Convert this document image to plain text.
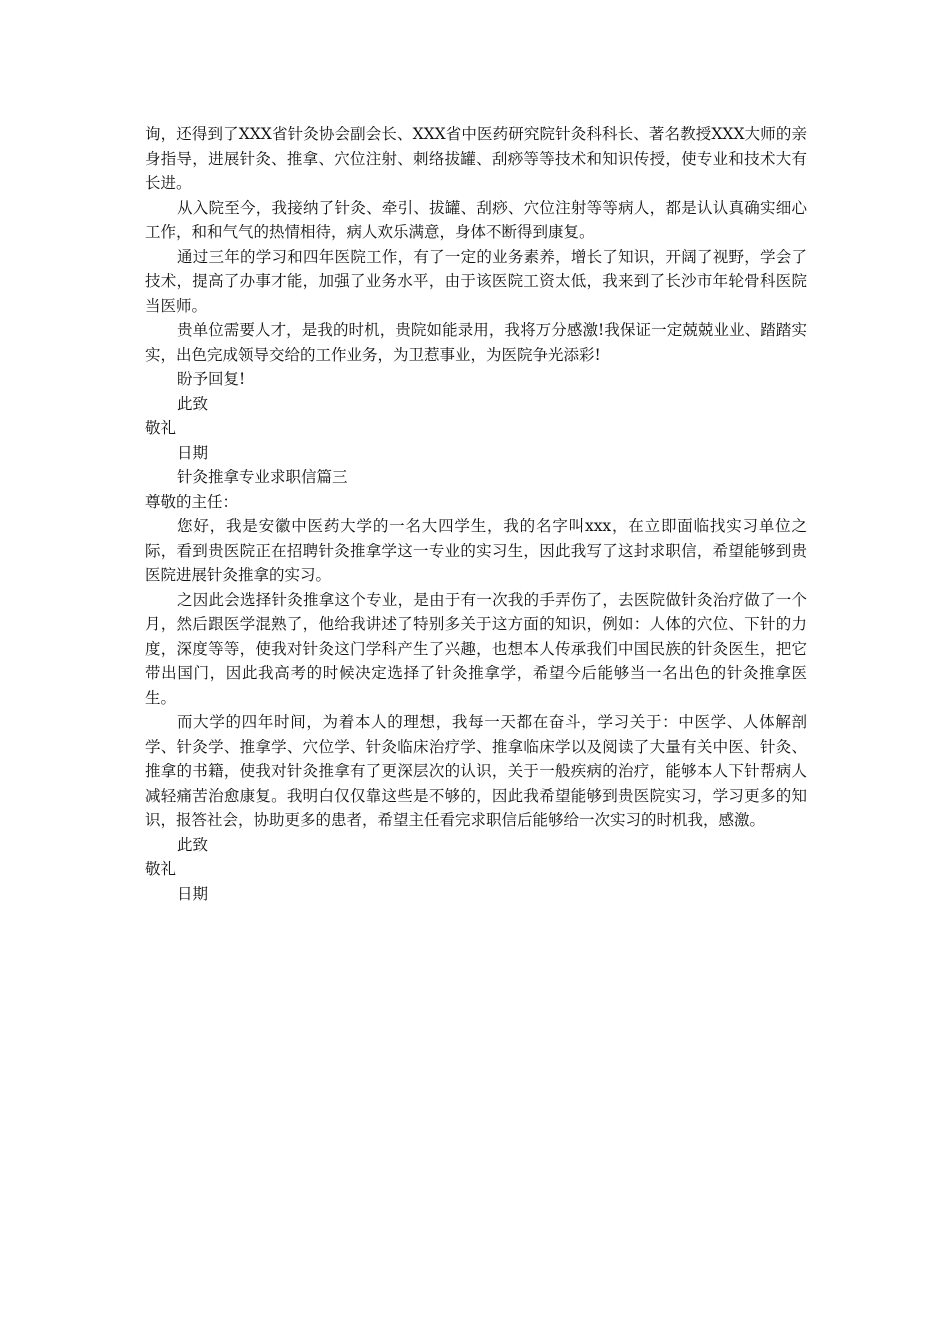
询，还得到了XXX省针灸协会副会长、XXX省中医药研究院针灸科科长、著名教授XXX大师的亲身指导，进展针灸、推拿、穴位注射、刺络拔罐、刮痧等等技术和知识传授，使专业和技术大有长进。

从入院至今，我接纳了针灸、牵引、拔罐、刮痧、穴位注射等等病人，都是认认真确实细心工作，和和气气的热情相待，病人欢乐满意，身体不断得到康复。

通过三年的学习和四年医院工作，有了一定的业务素养，增长了知识，开阔了视野，学会了技术，提高了办事才能，加强了业务水平，由于该医院工资太低，我来到了长沙市年轮骨科医院当医师。

贵单位需要人才，是我的时机，贵院如能录用，我将万分感激!我保证一定兢兢业业、踏踏实实，出色完成领导交给的工作业务，为卫惹事业，为医院争光添彩!

盼予回复!

此致

敬礼

日期

针灸推拿专业求职信篇三

尊敬的主任：

您好，我是安徽中医药大学的一名大四学生，我的名字叫xxx，在立即面临找实习单位之际，看到贵医院正在招聘针灸推拿学这一专业的实习生，因此我写了这封求职信，希望能够到贵医院进展针灸推拿的实习。

之因此会选择针灸推拿这个专业，是由于有一次我的手弄伤了，去医院做针灸治疗做了一个月，然后跟医学混熟了，他给我讲述了特别多关于这方面的知识，例如：人体的穴位、下针的力度，深度等等，使我对针灸这门学科产生了兴趣，也想本人传承我们中国民族的针灸医生，把它带出国门，因此我高考的时候决定选择了针灸推拿学，希望今后能够当一名出色的针灸推拿医生。

而大学的四年时间，为着本人的理想，我每一天都在奋斗，学习关于：中医学、人体解剖学、针灸学、推拿学、穴位学、针灸临床治疗学、推拿临床学以及阅读了大量有关中医、针灸、推拿的书籍，使我对针灸推拿有了更深层次的认识，关于一般疾病的治疗，能够本人下针帮病人减轻痛苦治愈康复。我明白仅仅靠这些是不够的，因此我希望能够到贵医院实习，学习更多的知识，报答社会，协助更多的患者，希望主任看完求职信后能够给一次实习的时机我，感激。

此致

敬礼

日期
